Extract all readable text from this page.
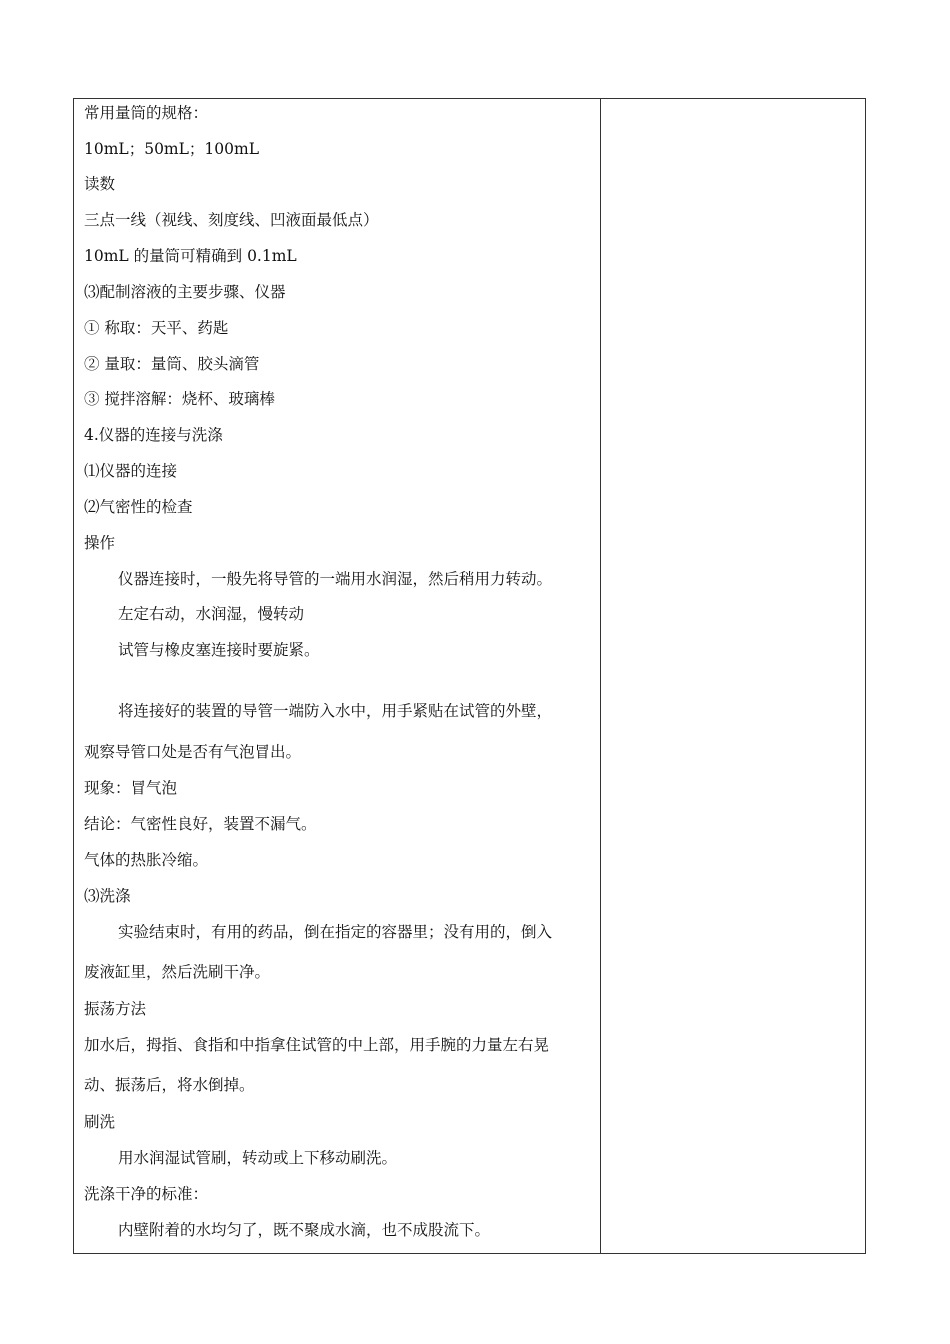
常用量筒的规格：
10mL；50mL；100mL
读数
三点一线（视线、刻度线、凹液面最低点）
10mL 的量筒可精确到 0.1mL
⑶配制溶液的主要步骤、仪器
① 称取：天平、药匙
② 量取：量筒、胶头滴管
③ 搅拌溶解：烧杯、玻璃棒
4.仪器的连接与洗涤
⑴仪器的连接
⑵气密性的检查
操作
仪器连接时，一般先将导管的一端用水润湿，然后稍用力转动。
左定右动，水润湿，慢转动
试管与橡皮塞连接时要旋紧。
将连接好的装置的导管一端防入水中，用手紧贴在试管的外壁，
观察导管口处是否有气泡冒出。
现象：冒气泡
结论：气密性良好，装置不漏气。
气体的热胀冷缩。
⑶洗涤
实验结束时，有用的药品，倒在指定的容器里；没有用的，倒入
废液缸里，然后洗刷干净。
振荡方法
加水后，拇指、食指和中指拿住试管的中上部，用手腕的力量左右晃
动、振荡后，将水倒掉。
刷洗
用水润湿试管刷，转动或上下移动刷洗。
洗涤干净的标准：
内壁附着的水均匀了，既不聚成水滴，也不成股流下。
